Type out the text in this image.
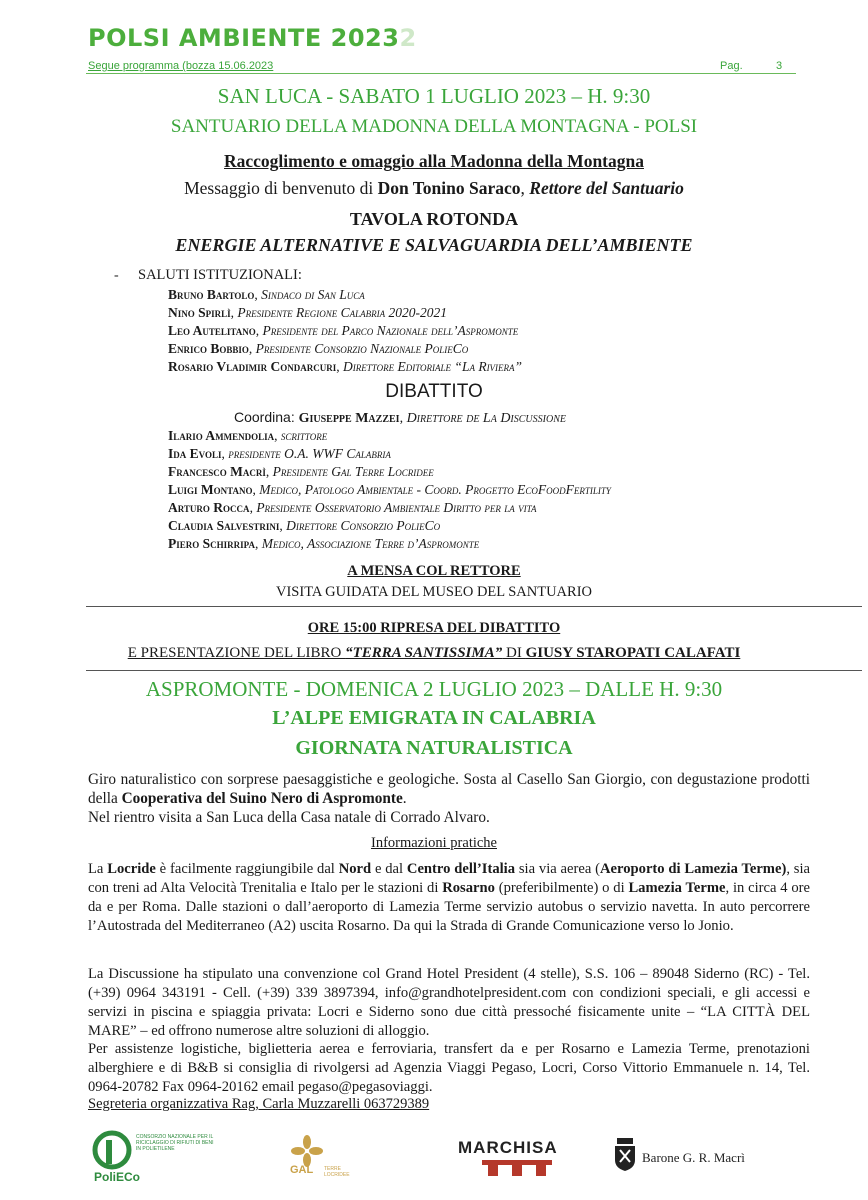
POLSI AMBIENTE 20232
Segue programma (bozza 15.06.2023	Pag.	3
SAN LUCA - SABATO 1 LUGLIO 2023 – H. 9:30
SANTUARIO DELLA MADONNA DELLA MONTAGNA - POLSI
Raccoglimento e omaggio alla Madonna della Montagna
Messaggio di benvenuto di Don Tonino Saraco, Rettore del Santuario
TAVOLA ROTONDA
ENERGIE ALTERNATIVE E SALVAGUARDIA DELL’AMBIENTE
- SALUTI ISTITUZIONALI:
Bruno Bartolo, Sindaco di San Luca
Nino Spirlì, Presidente Regione Calabria 2020-2021
Leo Autelitano, Presidente del Parco Nazionale dell’Aspromonte
Enrico Bobbio, Presidente Consorzio Nazionale PolieCo
Rosario Vladimir Condarcuri, Direttore Editoriale “La Riviera”
DIBATTITO
Coordina: Giuseppe Mazzei, Direttore de La Discussione
Ilario Ammendolia, scrittore
Ida Evoli, presidente O.A. WWF Calabria
Francesco Macrì, Presidente Gal Terre Locridee
Luigi Montano, Medico, Patologo Ambientale - Coord. Progetto EcoFoodFertility
Arturo Rocca, Presidente Osservatorio Ambientale Diritto per la vita
Claudia Salvestrini, Direttore Consorzio PolieCo
Piero Schirripa, Medico, Associazione Terre d’Aspromonte
A MENSA COL RETTORE
VISITA GUIDATA DEL MUSEO DEL SANTUARIO
ORE 15:00 RIPRESA DEL DIBATTITO
E PRESENTAZIONE DEL LIBRO “TERRA SANTISSIMA” DI GIUSY STAROPATI CALAFATI
ASPROMONTE - DOMENICA 2 LUGLIO 2023 – DALLE H. 9:30
L’ALPE EMIGRATA IN CALABRIA
GIORNATA NATURALISTICA
Giro naturalistico con sorprese paesaggistiche e geologiche. Sosta al Casello San Giorgio, con degustazione prodotti della Cooperativa del Suino Nero di Aspromonte.
Nel rientro visita a San Luca della Casa natale di Corrado Alvaro.
Informazioni pratiche
La Locride è facilmente raggiungibile dal Nord e dal Centro dell’Italia sia via aerea (Aeroporto di Lamezia Terme), sia con treni ad Alta Velocità Trenitalia e Italo per le stazioni di Rosarno (preferibilmente) o di Lamezia Terme, in circa 4 ore da e per Roma. Dalle stazioni o dall’aeroporto di Lamezia Terme servizio autobus o servizio navetta. In auto percorrere l’Autostrada del Mediterraneo (A2) uscita Rosarno. Da qui la Strada di Grande Comunicazione verso lo Jonio.
La Discussione ha stipulato una convenzione col Grand Hotel President (4 stelle), S.S. 106 – 89048 Siderno (RC) - Tel. (+39) 0964 343191 - Cell. (+39) 339 3897394, info@grandhotelpresident.com con condizioni speciali, e gli accessi e servizi in piscina e spiaggia privata: Locri e Siderno sono due città pressoché fisicamente unite – “LA CITTÀ DEL MARE” – ed offrono numerose altre soluzioni di alloggio.
Per assistenze logistiche, biglietteria aerea e ferroviaria, transfert da e per Rosarno e Lamezia Terme, prenotazioni alberghiere e di B&B si consiglia di rivolgersi ad Agenzia Viaggi Pegaso, Locri, Corso Vittorio Emmanuele n. 14, Tel. 0964-20782 Fax 0964-20162 email pegaso@pegasoviaggi.
Segreteria organizzativa Rag, Carla Muzzarelli 063729389
CONSORZIO NAZIONALE PER IL RICICLAGGIO DI RIFIUTI DI BENI IN POLIETILENE
PoliECo	GAL TERRE LOCRIDEE
MARCHISA
Barone G. R. Macrì
